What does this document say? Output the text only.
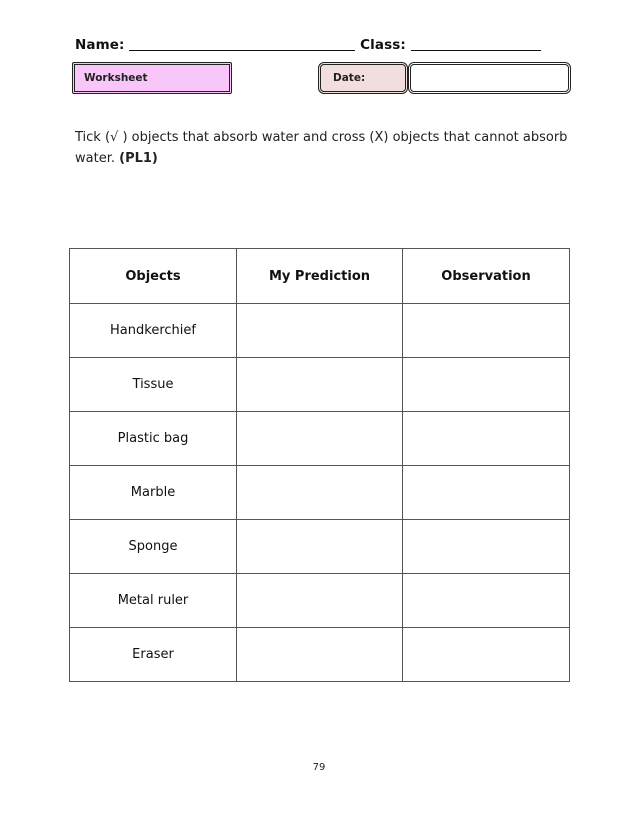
Name:	Class:
Worksheet	Date:
Tick (√ ) objects that absorb water and cross (X) objects that cannot absorb water. (PL1)
Objects	My Prediction	Observation
Handkerchief		
Tissue		
Plastic bag		
Marble		
Sponge		
Metal ruler		
Eraser		
79
